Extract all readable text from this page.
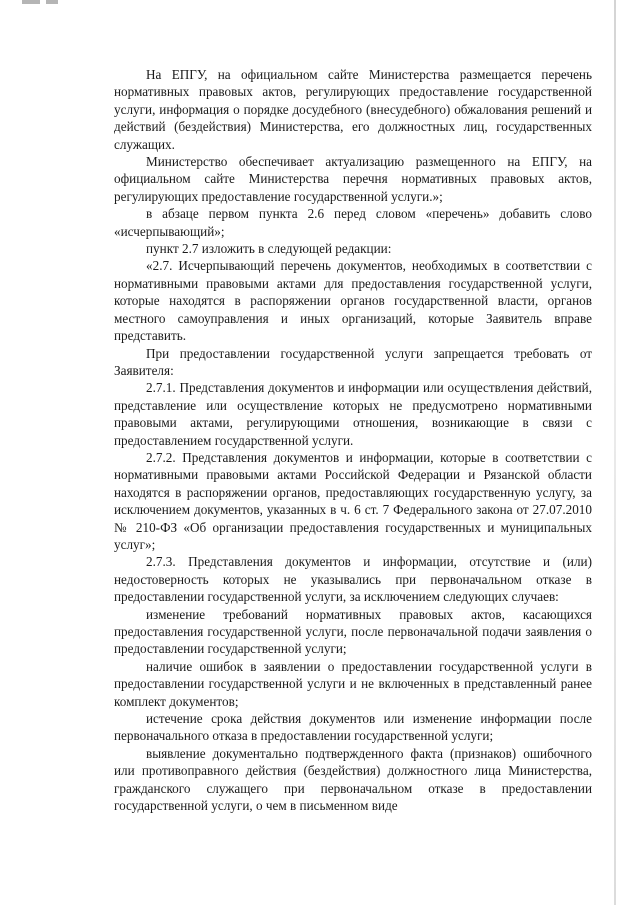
На ЕПГУ, на официальном сайте Министерства размещается перечень нормативных правовых актов, регулирующих предоставление государственной услуги, информация о порядке досудебного (внесудебного) обжалования решений и действий (бездействия) Министерства, его должностных лиц, государственных служащих.

Министерство обеспечивает актуализацию размещенного на ЕПГУ, на официальном сайте Министерства перечня нормативных правовых актов, регулирующих предоставление государственной услуги.»;

в абзаце первом пункта 2.6 перед словом «перечень» добавить слово «исчерпывающий»;

пункт 2.7 изложить в следующей редакции:

«2.7. Исчерпывающий перечень документов, необходимых в соответствии с нормативными правовыми актами для предоставления государственной услуги, которые находятся в распоряжении органов государственной власти, органов местного самоуправления и иных организаций, которые Заявитель вправе представить.

При предоставлении государственной услуги запрещается требовать от Заявителя:

2.7.1. Представления документов и информации или осуществления действий, представление или осуществление которых не предусмотрено нормативными правовыми актами, регулирующими отношения, возникающие в связи с предоставлением государственной услуги.

2.7.2. Представления документов и информации, которые в соответствии с нормативными правовыми актами Российской Федерации и Рязанской области находятся в распоряжении органов, предоставляющих государственную услугу, за исключением документов, указанных в ч. 6 ст. 7 Федерального закона от 27.07.2010 № 210-ФЗ «Об организации предоставления государственных и муниципальных услуг»;

2.7.3. Представления документов и информации, отсутствие и (или) недостоверность которых не указывались при первоначальном отказе в предоставлении государственной услуги, за исключением следующих случаев:

изменение требований нормативных правовых актов, касающихся предоставления государственной услуги, после первоначальной подачи заявления о предоставлении государственной услуги;

наличие ошибок в заявлении о предоставлении государственной услуги в предоставлении государственной услуги и не включенных в представленный ранее комплект документов;

истечение срока действия документов или изменение информации после первоначального отказа в предоставлении государственной услуги;

выявление документально подтвержденного факта (признаков) ошибочного или противоправного действия (бездействия) должностного лица Министерства, гражданского служащего при первоначальном отказе в предоставлении государственной услуги, о чем в письменном виде
